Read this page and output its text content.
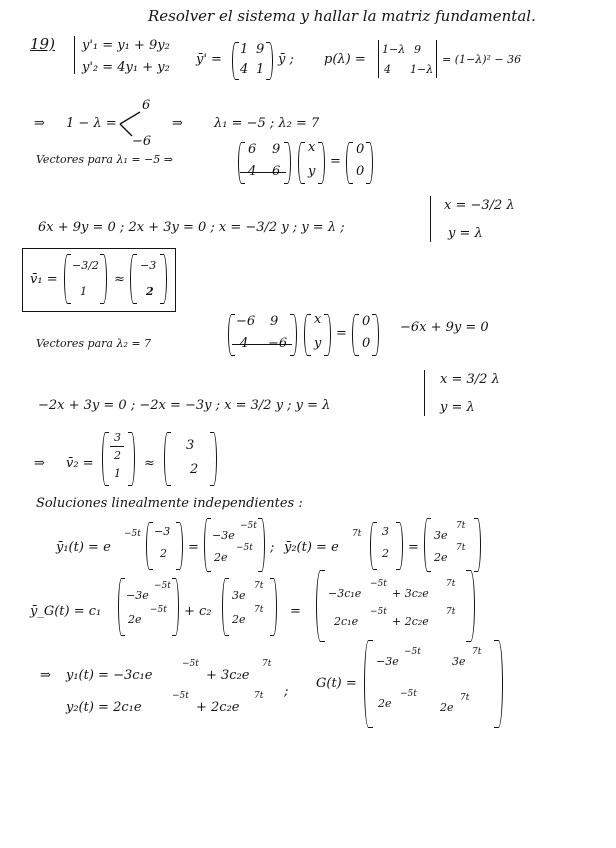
Resolver el sistema y hallar la matriz fundamental.
19) y'₁ = y₁ + 9y₂
y'₂ = 4y₁ + y₂
ȳ' =
1 9
4 1
ȳ ; p(λ) =
1−λ 9
4 1−λ
= (1−λ)² − 36
⇒ 1 − λ =
6
−6
⇒ λ₁ = −5 ; λ₂ = 7
Vectores para λ₁ = −5 ⇒
6 9
4 6
x
y
=
0
0
6x + 9y = 0 ; 2x + 3y = 0 ; x = −3/2 y ; y = λ ;
x = −3/2 λ
y = λ
v̄₁ =
−3/2
1
≈
−3
2
Vectores para λ₂ = 7
−6 9
4 −6
x
y
=
0
0
−6x + 9y = 0
−2x + 3y = 0 ; −2x = −3y ; x = 3/2 y ; y = λ
x = 3/2 λ
y = λ
⇒ v̄₂ =
3
2
1
≈
3
2
Soluciones linealmente independientes :
ȳ₁(t) = e
−5t −3
2 =
−3e
−5t
2e
−5t ; ȳ₂(t) = e
7t 3
2 =
3e
7t
2e
7t
ȳ_G(t) = c₁
−3e
−5t
2e
−5t + c₂
3e
7t
2e
7t =
−3c₁e
−5t
+ 3c₂e
7t
2c₁e
−5t
+ 2c₂e
7t
⇒ y₁(t) = −3c₁e
−5t
+ 3c₂e
7t
y₂(t) = 2c₁e
−5t
+ 2c₂e
7t ;
G(t) =
−3e
−5t
3e
7t
2e
−5t
2e
7t
